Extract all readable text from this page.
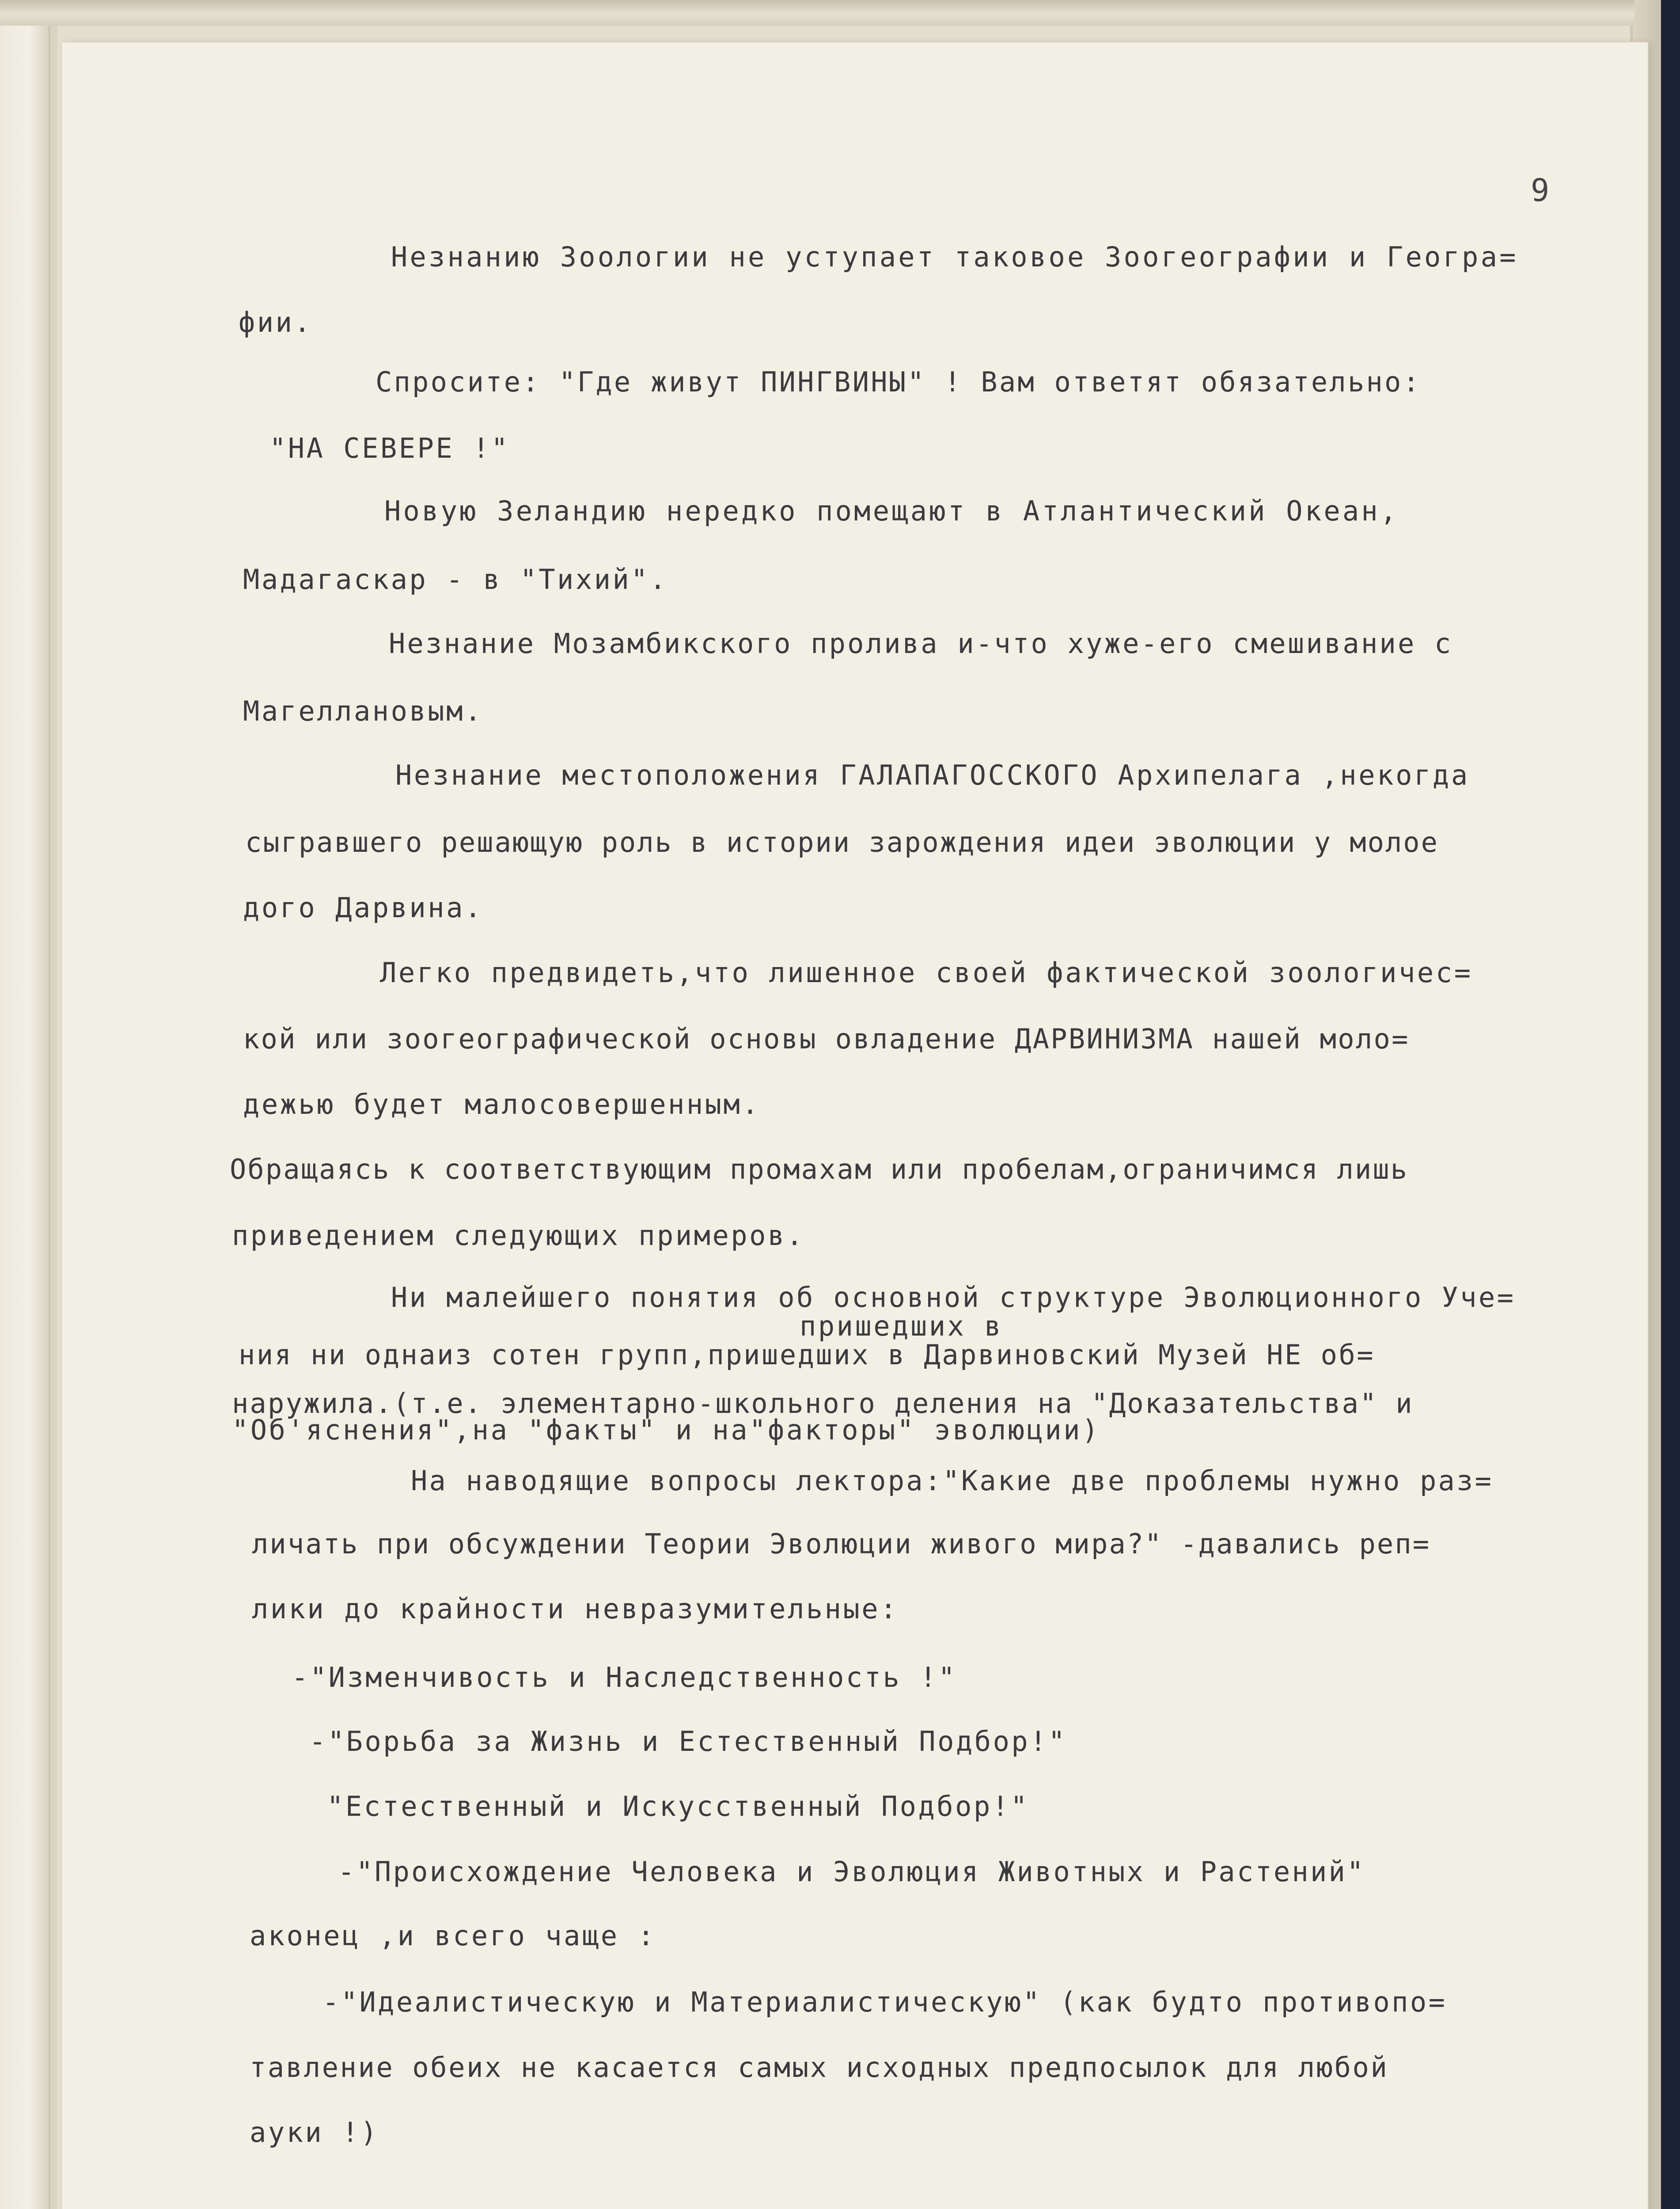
9
Незнанию Зоологии не уступает таковое Зоогеографии и Геогра=
фии.
Спросите: "Где живут ПИНГВИНЫ" ! Вам ответят обязательно:
"НА СЕВЕРЕ !"
Новую Зеландию нередко помещают в Атлантический Океан,
Мадагаскар - в "Тихий".
Незнание Мозамбикского пролива и-что хуже-его смешивание с
Магеллановым.
Незнание местоположения ГАЛАПАГОССКОГО Архипелага ,некогда
сыгравшего решающую роль в истории зарождения идеи эволюции у молое
дого Дарвина.
Легко предвидеть,что лишенное своей фактической зоологичес=
кой или зоогеографической основы овладение ДАРВИНИЗМА нашей моло=
дежью будет малосовершенным.
Обращаясь к соответствующим промахам или пробелам,ограничимся лишь
приведением следующих примеров.
Ни малейшего понятия об основной структуре Эволюционного Уче=
пришедших в
ния ни однаиз сотен групп,пришедших в Дарвиновский Музей НЕ об=
наружила.(т.е. элементарно-школьного деления на "Доказательства" и
"Об'яснения",на "факты" и на"факторы" эволюции)
На наводящие вопросы лектора:"Какие две проблемы нужно раз=
личать при обсуждении Теории Эволюции живого мира?" -давались реп=
лики до крайности невразумительные:
-"Изменчивость и Наследственность !"
-"Борьба за Жизнь и Естественный Подбор!"
"Естественный и Искусственный Подбор!"
-"Происхождение Человека и Эволюция Животных и Растений"
аконец ,и всего чаще :
-"Идеалистическую и Материалистическую" (как будто противопо=
тавление обеих не касается самых исходных предпосылок для любой
ауки !)
